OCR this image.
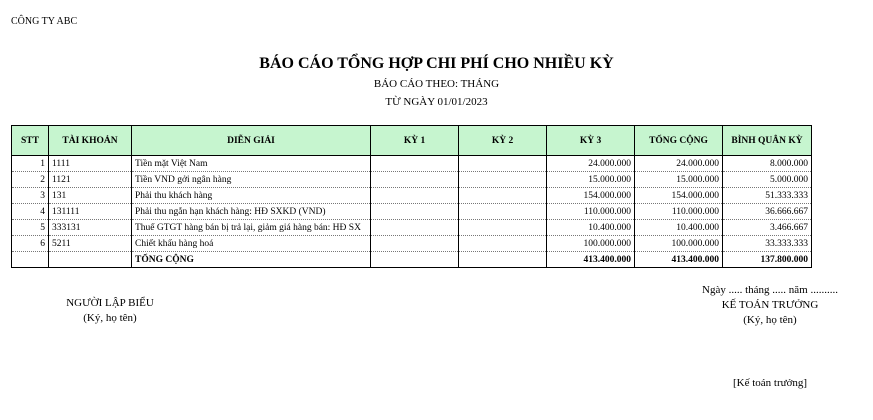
CÔNG TY ABC
BÁO CÁO TỔNG HỢP CHI PHÍ CHO NHIỀU KỲ
BÁO CÁO THEO: THÁNG
TỪ NGÀY 01/01/2023
STT	TÀI KHOẢN	DIỄN GIẢI	KỲ 1	KỲ 2	KỲ 3	TỔNG CỘNG	BÌNH QUÂN KỲ
1	1111	Tiền mặt Việt Nam			24.000.000	24.000.000	8.000.000
2	1121	Tiền VND gởi ngân hàng			15.000.000	15.000.000	5.000.000
3	131	Phải thu khách hàng			154.000.000	154.000.000	51.333.333
4	131111	Phải thu ngắn hạn khách hàng: HĐ SXKD (VND)			110.000.000	110.000.000	36.666.667
5	333131	Thuế GTGT hàng bán bị trả lại, giảm giá hàng bán: HĐ SX			10.400.000	10.400.000	3.466.667
6	5211	Chiết khấu hàng hoá			100.000.000	100.000.000	33.333.333
		TỔNG CỘNG			413.400.000	413.400.000	137.800.000
NGƯỜI LẬP BIỂU
(Ký, họ tên)
Ngày ..... tháng ..... năm ..........
KẾ TOÁN TRƯỞNG
(Ký, họ tên)
[Kế toán trưởng]
